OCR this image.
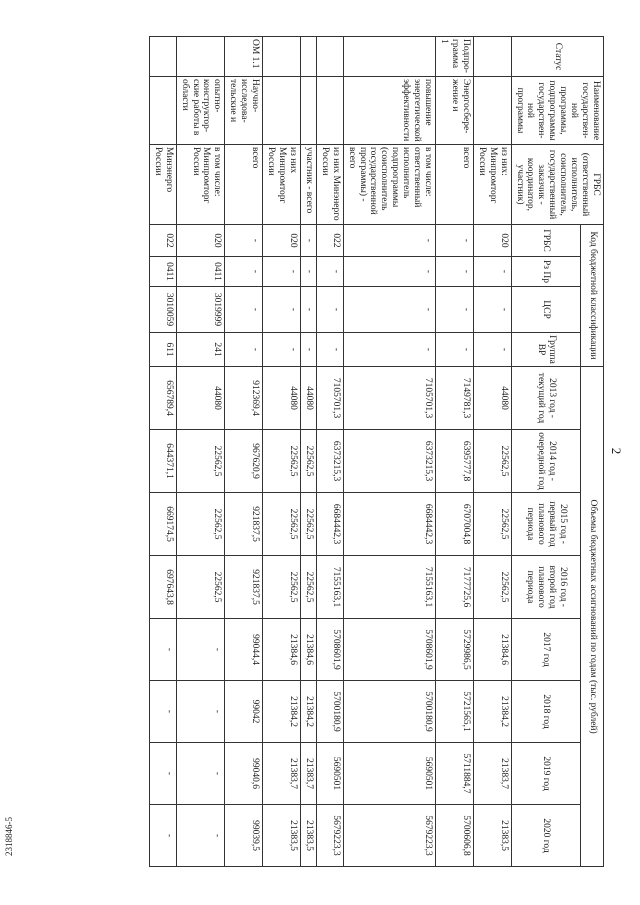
2
Статус	Наименование государствен-ной программы, подпрограммы государствен-ной программы	ГРБС (ответственный исполнитель, соисполнитель, государственный заказчик - координатор, участник)	Код бюджетной классификации				Объемы бюджетных ассигнований по годам (тыс. рублей)							
			ГРБС	Рз Пр	ЦСР	Группа ВР	2013 год - текущий год	2014 год - очередной год	2015 год - первый год планового периода	2016 год - второй год планового периода	2017 год	2018 год	2019 год	2020 год
		из них: Минпромторг России	020	-	-	-	44080	22562,5	22562,5	22562,5	21384,6	21384,2	21383,7	21383,5
Подпро-грамма 1	Энергосбере-жение и	всего	-	-	-	-	7149781,3	6395777,8	6707004,8	7177725,6	5729986,5	5721565,1	5711884,7	5700606,8
	повышение энергетической эффективности	в том числе: ответственный исполнитель подпрограммы (соисполнитель государственной программы) - всего	-	-	-	-	7105701,3	6373215,3	6684442,3	7155163,1	5708601,9	5700180,9	5690501	5679223,3
		из них Минэнерго России	022	-	-	-	7105701,3	6373215,3	6684442,3	7155163,1	5708601,9	5700180,9	5690501	5679223,3
		участник - всего	-	-	-	-	44080	22562,5	22562,5	22562,5	21384,6	21384,2	21383,7	21383,5
		из них Минпромторг России	020	-	-	-	44080	22562,5	22562,5	22562,5	21384,6	21384,2	21383,7	21383,5
ОМ 1.1	Научно-исследова-тельские и	всего	-	-	-	-	912369,4	967620,9	921837,5	921837,5	99044,4	99042	99040,6	99039,5
	опытно-конструктор-ские работы в области	в том числе: Минпромторг России	020	0411	3019999	241	44080	22562,5	22562,5	22562,5	-	-	-	-
		Минэнерго России	022	0411	3010059	611	656789,4	644371,1	669174,5	697643,8	-	-	-	-
2318846-5
